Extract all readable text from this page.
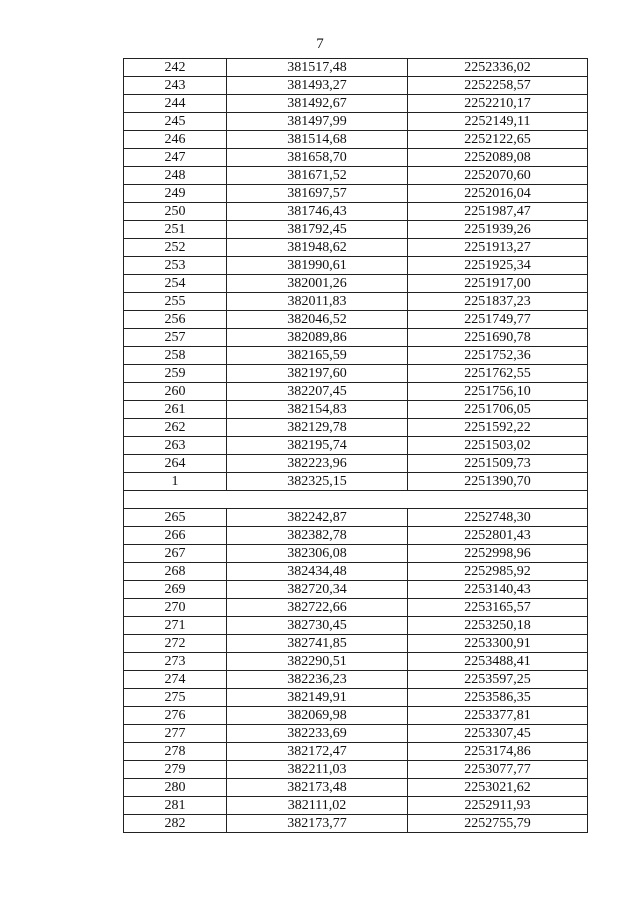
7
242	381517,48	2252336,02
243	381493,27	2252258,57
244	381492,67	2252210,17
245	381497,99	2252149,11
246	381514,68	2252122,65
247	381658,70	2252089,08
248	381671,52	2252070,60
249	381697,57	2252016,04
250	381746,43	2251987,47
251	381792,45	2251939,26
252	381948,62	2251913,27
253	381990,61	2251925,34
254	382001,26	2251917,00
255	382011,83	2251837,23
256	382046,52	2251749,77
257	382089,86	2251690,78
258	382165,59	2251752,36
259	382197,60	2251762,55
260	382207,45	2251756,10
261	382154,83	2251706,05
262	382129,78	2251592,22
263	382195,74	2251503,02
264	382223,96	2251509,73
1	382325,15	2251390,70

265	382242,87	2252748,30
266	382382,78	2252801,43
267	382306,08	2252998,96
268	382434,48	2252985,92
269	382720,34	2253140,43
270	382722,66	2253165,57
271	382730,45	2253250,18
272	382741,85	2253300,91
273	382290,51	2253488,41
274	382236,23	2253597,25
275	382149,91	2253586,35
276	382069,98	2253377,81
277	382233,69	2253307,45
278	382172,47	2253174,86
279	382211,03	2253077,77
280	382173,48	2253021,62
281	382111,02	2252911,93
282	382173,77	2252755,79
